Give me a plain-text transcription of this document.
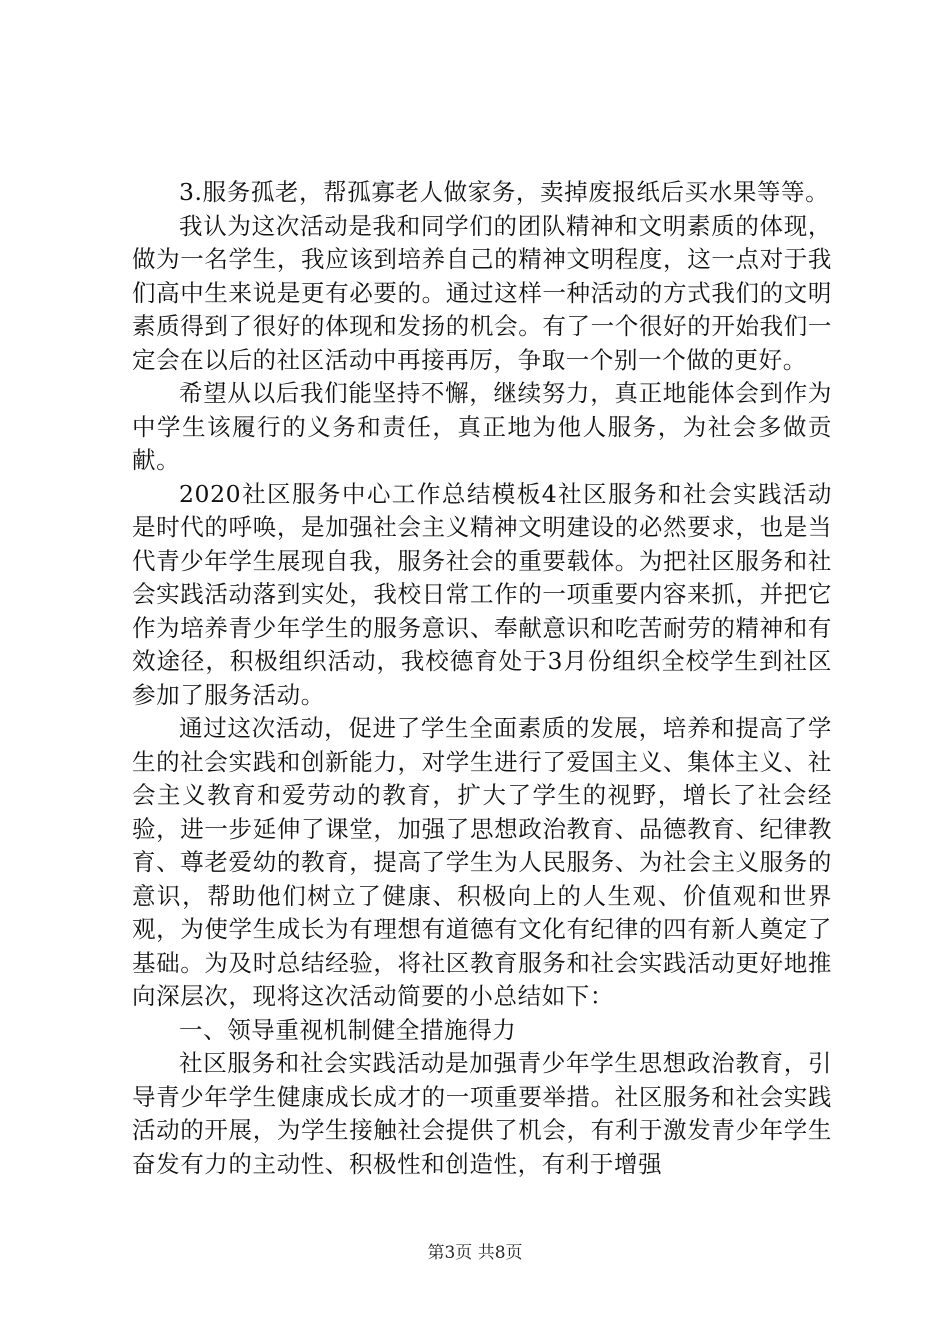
3.服务孤老，帮孤寡老人做家务，卖掉废报纸后买水果等等。

我认为这次活动是我和同学们的团队精神和文明素质的体现，做为一名学生，我应该到培养自己的精神文明程度，这一点对于我们高中生来说是更有必要的。通过这样一种活动的方式我们的文明素质得到了很好的体现和发扬的机会。有了一个很好的开始我们一定会在以后的社区活动中再接再厉，争取一个别一个做的更好。

希望从以后我们能坚持不懈，继续努力，真正地能体会到作为中学生该履行的义务和责任，真正地为他人服务，为社会多做贡献。

2020社区服务中心工作总结模板4社区服务和社会实践活动是时代的呼唤，是加强社会主义精神文明建设的必然要求，也是当代青少年学生展现自我，服务社会的重要载体。为把社区服务和社会实践活动落到实处，我校日常工作的一项重要内容来抓，并把它作为培养青少年学生的服务意识、奉献意识和吃苦耐劳的精神和有效途径，积极组织活动，我校德育处于3月份组织全校学生到社区参加了服务活动。

通过这次活动，促进了学生全面素质的发展，培养和提高了学生的社会实践和创新能力，对学生进行了爱国主义、集体主义、社会主义教育和爱劳动的教育，扩大了学生的视野，增长了社会经验，进一步延伸了课堂，加强了思想政治教育、品德教育、纪律教育、尊老爱幼的教育，提高了学生为人民服务、为社会主义服务的意识，帮助他们树立了健康、积极向上的人生观、价值观和世界观，为使学生成长为有理想有道德有文化有纪律的四有新人奠定了基础。为及时总结经验，将社区教育服务和社会实践活动更好地推向深层次，现将这次活动简要的小总结如下：

一、领导重视机制健全措施得力

社区服务和社会实践活动是加强青少年学生思想政治教育，引导青少年学生健康成长成才的一项重要举措。社区服务和社会实践活动的开展，为学生接触社会提供了机会，有利于激发青少年学生奋发有力的主动性、积极性和创造性，有利于增强

第3页 共8页
